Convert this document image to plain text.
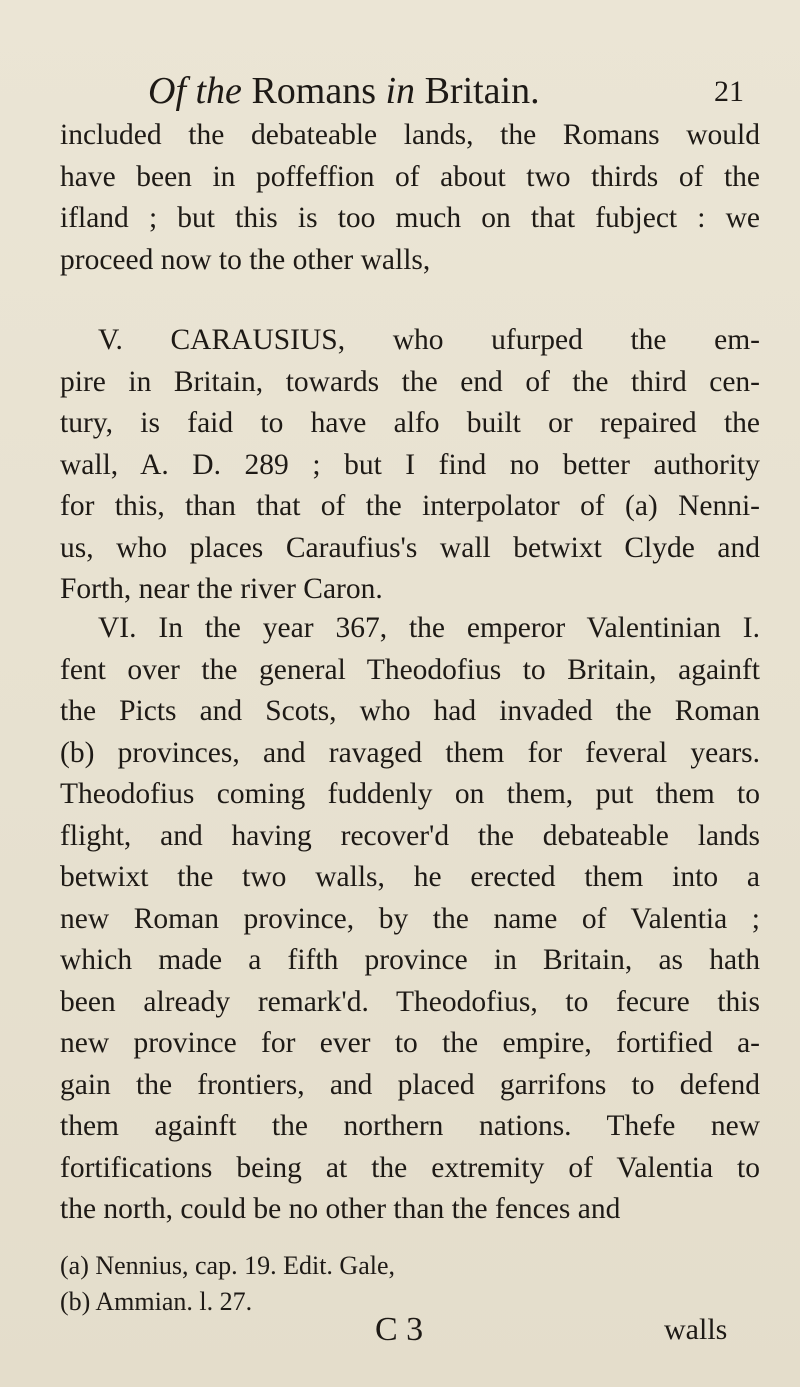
Of the Romans in Britain.	21
included the debateable lands, the Romans would
have been in poffeffion of about two thirds of the
ifland ; but this is too much on that fubject : we
proceed now to the other walls,
V. CARAUSIUS, who ufurped the em-
pire in Britain, towards the end of the third cen-
tury, is faid to have alfo built or repaired the
wall, A. D. 289 ; but I find no better authority
for this, than that of the interpolator of (a) Nenni-
us, who places Caraufius's wall betwixt Clyde and
Forth, near the river Caron.
VI. In the year 367, the emperor Valentinian I.
fent over the general Theodofius to Britain, againft
the Picts and Scots, who had invaded the Roman
(b) provinces, and ravaged them for feveral years.
Theodofius coming fuddenly on them, put them to
flight, and having recover'd the debateable lands
betwixt the two walls, he erected them into a
new Roman province, by the name of Valentia ;
which made a fifth province in Britain, as hath
been already remark'd. Theodofius, to fecure this
new province for ever to the empire, fortified a-
gain the frontiers, and placed garrifons to defend
them againft the northern nations. Thefe new
fortifications being at the extremity of Valentia to
the north, could be no other than the fences and
(a) Nennius, cap. 19. Edit. Gale,
(b) Ammian. l. 27.
C 3	walls
